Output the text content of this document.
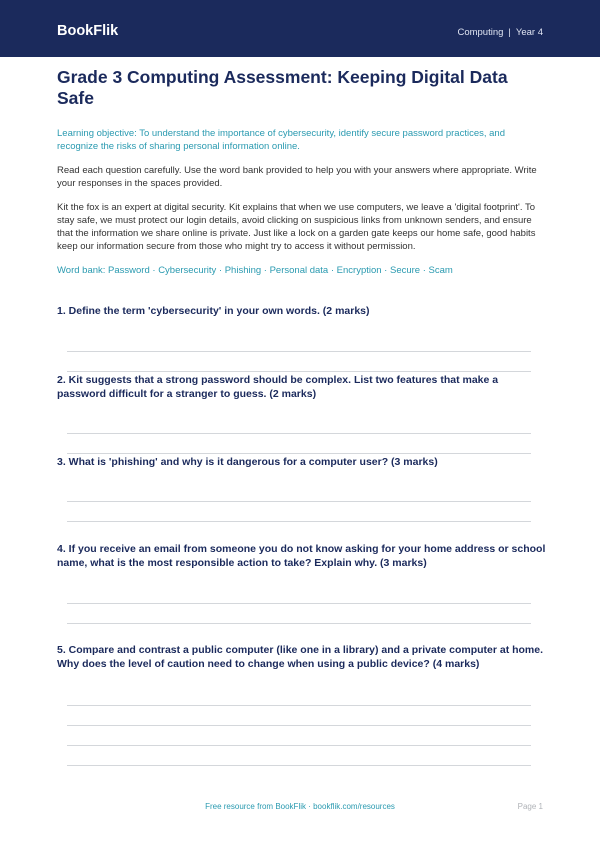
BookFlik	Computing | Year 4
Grade 3 Computing Assessment: Keeping Digital Data Safe
Learning objective: To understand the importance of cybersecurity, identify secure password practices, and recognize the risks of sharing personal information online.
Read each question carefully. Use the word bank provided to help you with your answers where appropriate. Write your responses in the spaces provided.
Kit the fox is an expert at digital security. Kit explains that when we use computers, we leave a 'digital footprint'. To stay safe, we must protect our login details, avoid clicking on suspicious links from unknown senders, and ensure that the information we share online is private. Just like a lock on a garden gate keeps our home safe, good habits keep our information secure from those who might try to access it without permission.
Word bank: Password · Cybersecurity · Phishing · Personal data · Encryption · Secure · Scam
1. Define the term 'cybersecurity' in your own words. (2 marks)
2. Kit suggests that a strong password should be complex. List two features that make a password difficult for a stranger to guess. (2 marks)
3. What is 'phishing' and why is it dangerous for a computer user? (3 marks)
4. If you receive an email from someone you do not know asking for your home address or school name, what is the most responsible action to take? Explain why. (3 marks)
5. Compare and contrast a public computer (like one in a library) and a private computer at home. Why does the level of caution need to change when using a public device? (4 marks)
Free resource from BookFlik · bookflik.com/resources	Page 1
